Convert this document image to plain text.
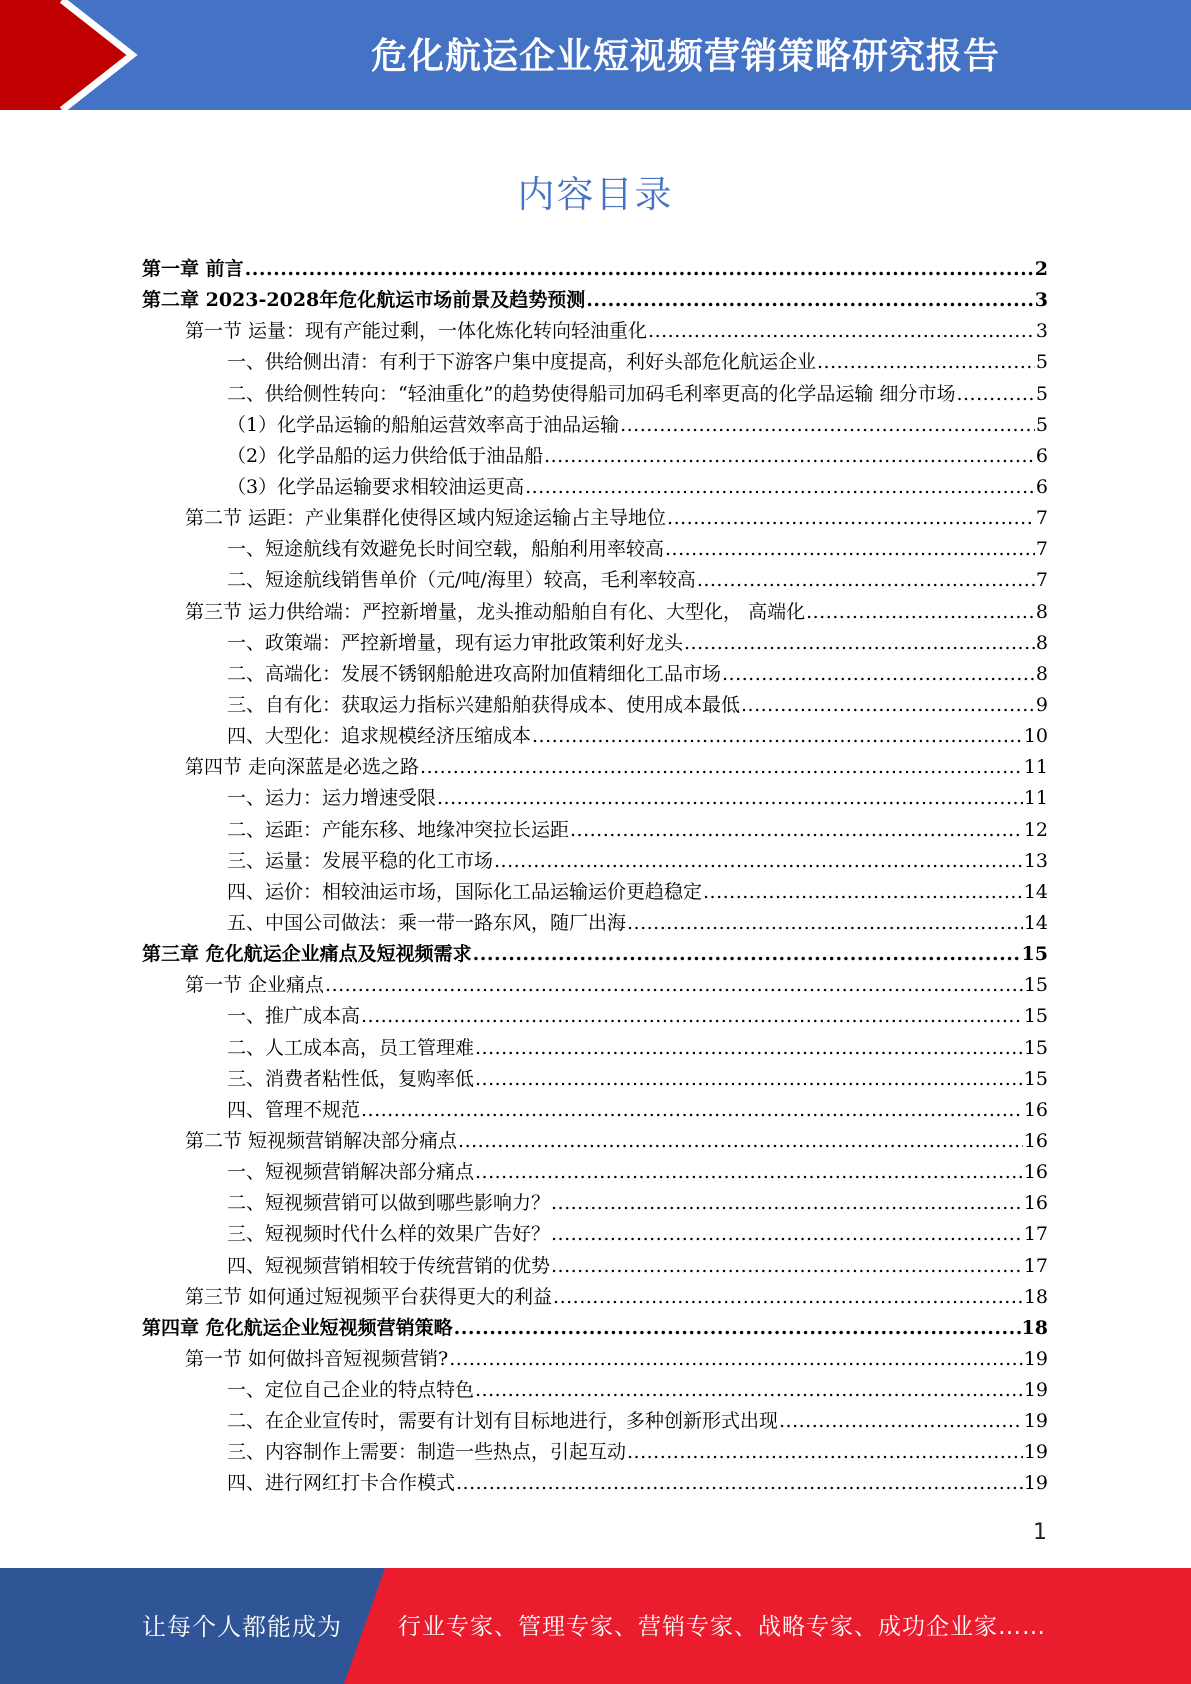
危化航运企业短视频营销策略研究报告
内容目录
第一章 前言 .....	2
第二章 2023-2028年危化航运市场前景及趋势预测 .....	3
第一节 运量：现有产能过剩，一体化炼化转向轻油重化 .....	3
一、供给侧出清：有利于下游客户集中度提高，利好头部危化航运企业 .....	5
二、供给侧性转向：“轻油重化”的趋势使得船司加码毛利率更高的化学品运输 细分市场 .....	5
（1）化学品运输的船舶运营效率高于油品运输 .....	5
（2）化学品船的运力供给低于油品船 .....	6
（3）化学品运输要求相较油运更高 .....	6
第二节 运距：产业集群化使得区域内短途运输占主导地位 .....	7
一、短途航线有效避免长时间空载，船舶利用率较高 .....	7
二、短途航线销售单价（元/吨/海里）较高，毛利率较高 .....	7
第三节 运力供给端：严控新增量，龙头推动船舶自有化、大型化， 高端化 .....	8
一、政策端：严控新增量，现有运力审批政策利好龙头 .....	8
二、高端化：发展不锈钢船舱进攻高附加值精细化工品市场 .....	8
三、自有化：获取运力指标兴建船舶获得成本、使用成本最低 .....	9
四、大型化：追求规模经济压缩成本 .....	10
第四节 走向深蓝是必选之路 .....	11
一、运力：运力增速受限 .....	11
二、运距：产能东移、地缘冲突拉长运距 .....	12
三、运量：发展平稳的化工市场 .....	13
四、运价：相较油运市场，国际化工品运输运价更趋稳定 .....	14
五、中国公司做法：乘一带一路东风，随厂出海 .....	14
第三章 危化航运企业痛点及短视频需求 .....	15
第一节 企业痛点 .....	15
一、推广成本高 .....	15
二、人工成本高，员工管理难 .....	15
三、消费者粘性低，复购率低 .....	15
四、管理不规范 .....	16
第二节 短视频营销解决部分痛点 .....	16
一、短视频营销解决部分痛点 .....	16
二、短视频营销可以做到哪些影响力？ .....	16
三、短视频时代什么样的效果广告好？ .....	17
四、短视频营销相较于传统营销的优势 .....	17
第三节 如何通过短视频平台获得更大的利益 .....	18
第四章 危化航运企业短视频营销策略 .....	18
第一节 如何做抖音短视频营销? .....	19
一、定位自己企业的特点特色 .....	19
二、在企业宣传时，需要有计划有目标地进行，多种创新形式出现 .....	19
三、内容制作上需要：制造一些热点，引起互动 .....	19
四、进行网红打卡合作模式 .....	19
1
让每个人都能成为 行业专家、管理专家、营销专家、战略专家、成功企业家……
